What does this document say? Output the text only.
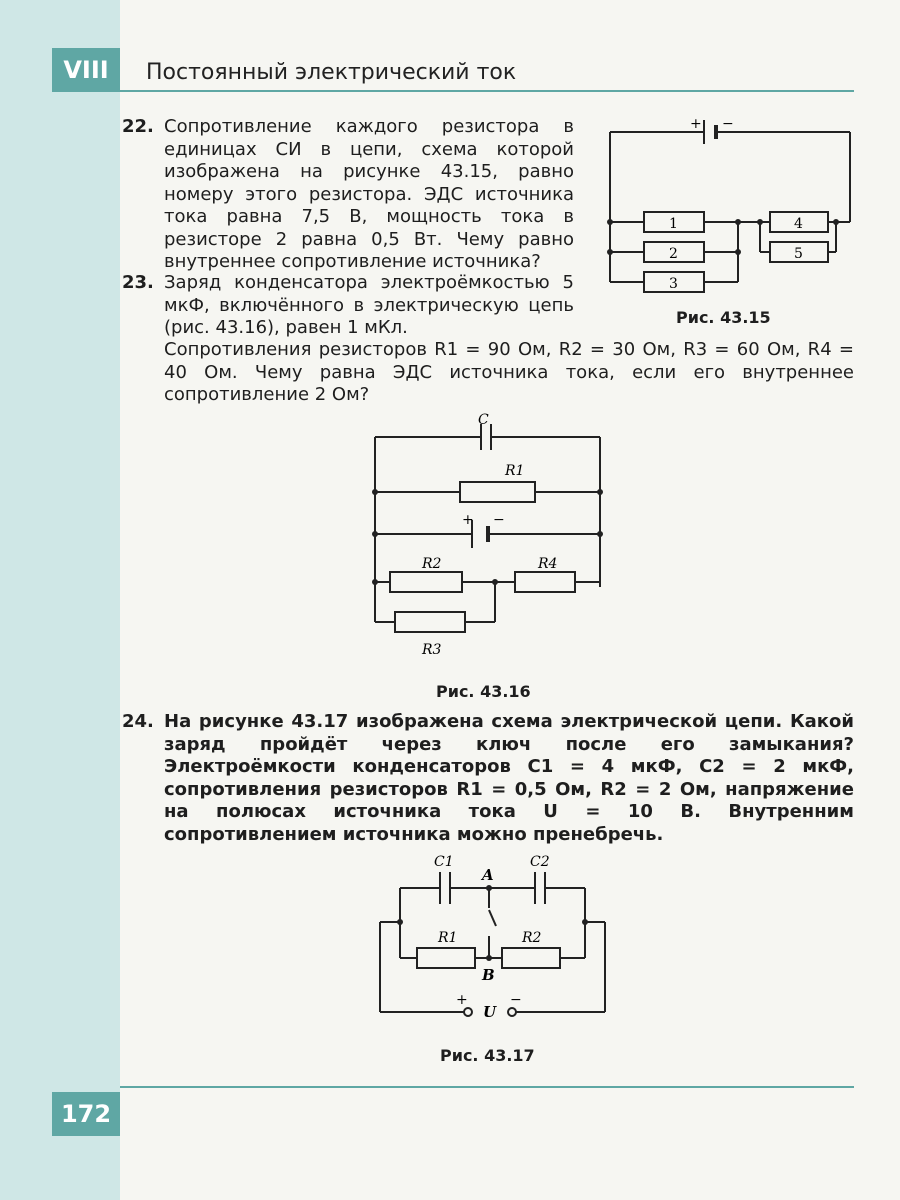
VIII Постоянный электрический ток
22. Сопротивление каждого резистора в единицах СИ в цепи, схема которой изображена на рисунке 43.15, равно номеру этого резистора. ЭДС источника тока равна 7,5 В, мощность тока в резисторе 2 равна 0,5 Вт. Чему равно внутреннее сопротивление источника?
+ −
1
2
3
4
5
Рис. 43.15
23. Заряд конденсатора электроёмкостью 5 мкФ, включённого в электрическую цепь (рис. 43.16), равен 1 мКл.
Сопротивления резисторов R1 = 90 Ом, R2 = 30 Ом, R3 = 60 Ом, R4 = 40 Ом. Чему равна ЭДС источника тока, если его внутреннее сопротивление 2 Ом?
C
R1
+ −
R2	R4
R3
Рис. 43.16
24. На рисунке 43.17 изображена схема электрической цепи. Какой заряд пройдёт через ключ после его замыкания? Электроёмкости конденсаторов C1 = 4 мкФ, C2 = 2 мкФ, сопротивления резисторов R1 = 0,5 Ом, R2 = 2 Ом, напряжение на полюсах источника тока U = 10 В. Внутренним сопротивлением источника можно пренебречь.
C1	C2
A
B
R1	R2
+
U
−
Рис. 43.17
172
